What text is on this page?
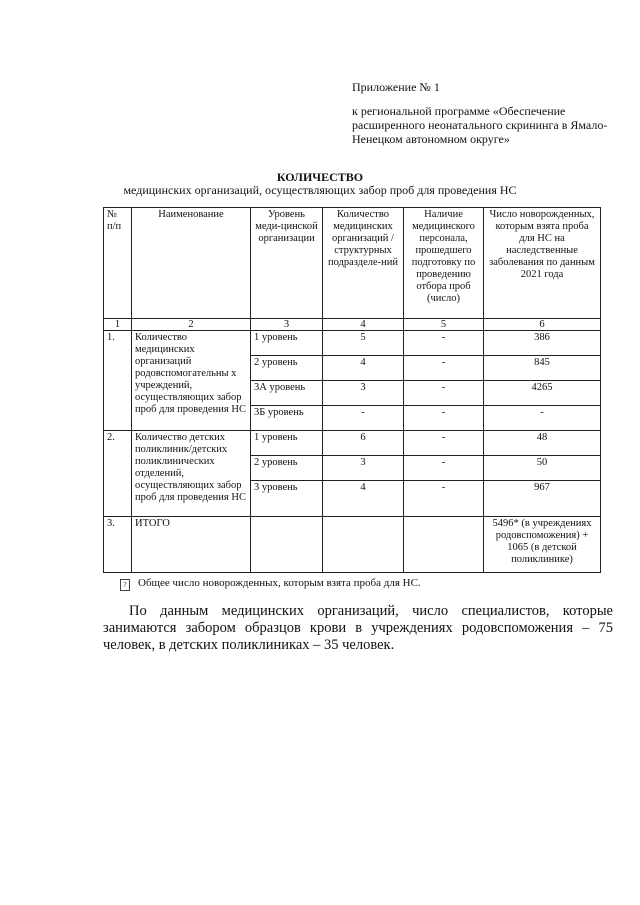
Приложение № 1
к региональной программе «Обеспечение расширенного неонатального скрининга в Ямало-Ненецком автономном округе»
КОЛИЧЕСТВО
медицинских организаций, осуществляющих забор проб для проведения НС
№ п/п	Наименование	Уровень меди-цинской организации	Количество медицинских организаций /структурных подразделе-ний	Наличие медицинского персонала, прошедшего подготовку по проведению отбора проб (число)	Число новорожденных, которым взята проба для НС на наследственные заболевания по данным 2021 года
1	2	3	4	5	6
1.	Количество медицинских организаций родовспомогательны х учреждений, осуществляющих забор проб для проведения НС	1 уровень	5	-	386
		2 уровень	4	-	845
		3А уровень	3	-	4265
		3Б уровень	-	-	-
2.	Количество детских поликлиник/детских поликлинических отделений, осуществляющих забор проб для проведения НС	1 уровень	6	-	48
		2 уровень	3	-	50
		3 уровень	4	-	967
3.	ИТОГО				5496* (в учреждениях родовспоможения) + 1065 (в детской поликлинике)
? Общее число новорожденных, которым взята проба для НС.
По данным медицинских организаций, число специалистов, которые занимаются забором образцов крови в учреждениях родовспоможения – 75 человек, в детских поликлиниках – 35 человек.
